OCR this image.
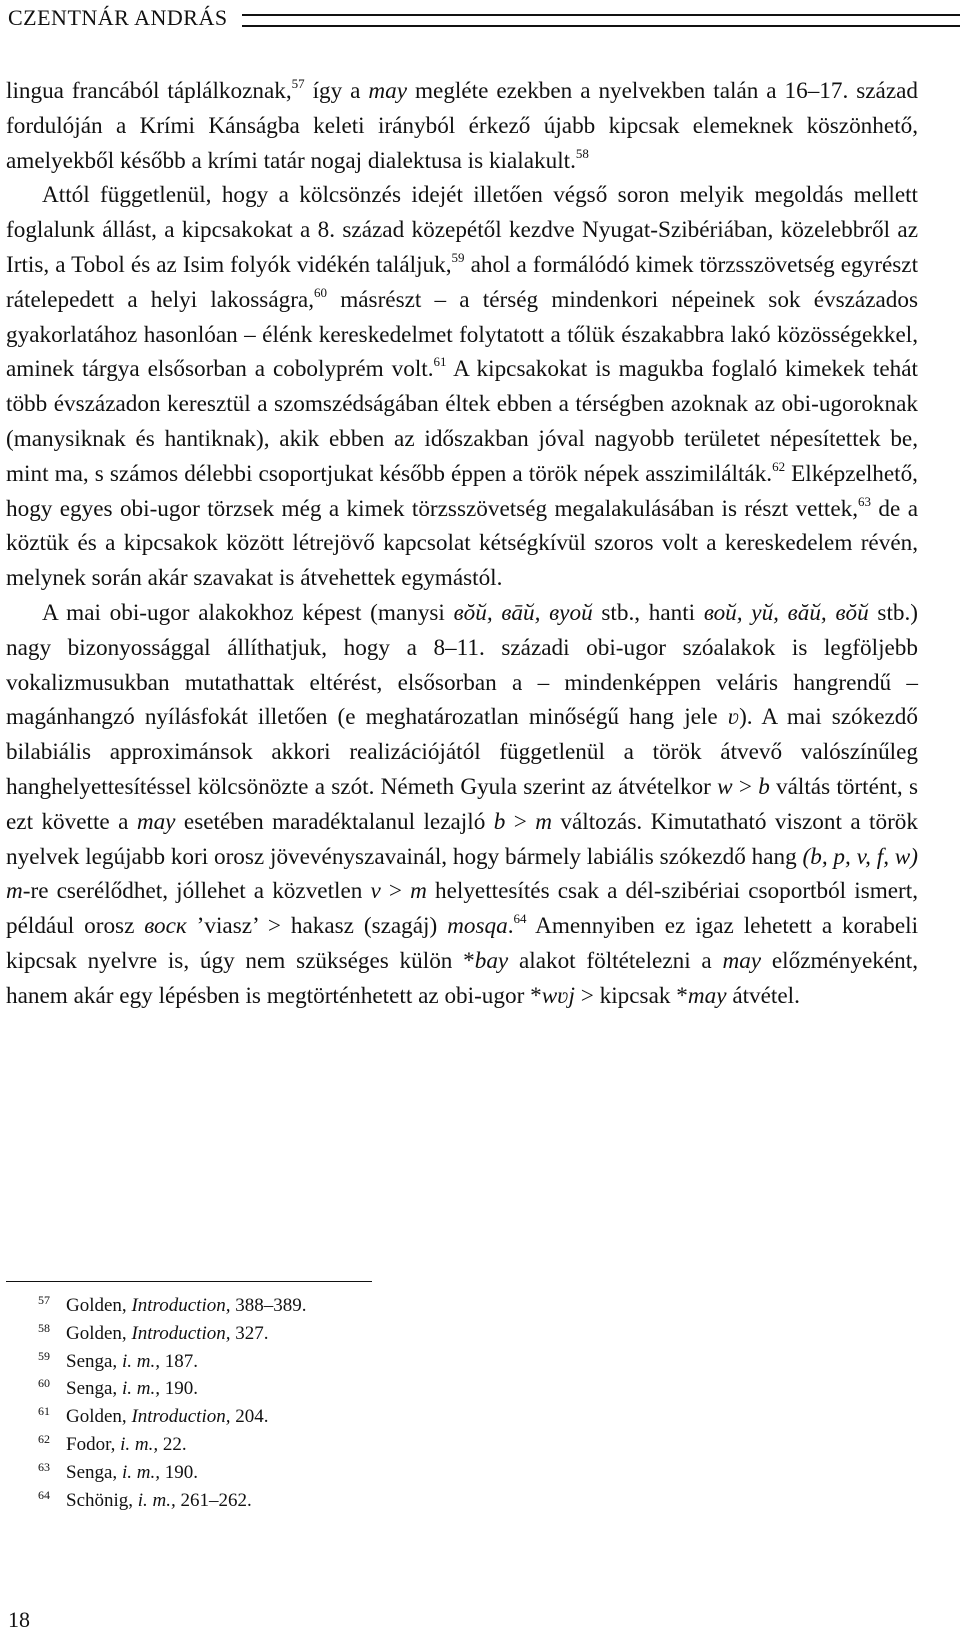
CZENTNÁR ANDRÁS

lingua francából táplálkoznak,$^{57}$ így a may megléte ezekben a nyelvekben talán a 16–17. század fordulóján a Krími Kánságba keleti irányból érkező újabb kipcsak elemeknek köszönhető, amelyekből később a krími tatár nogaj dialektusa is kialakult.$^{58}$

Attól függetlenül, hogy a kölcsönzés idejét illetően végső soron melyik megoldás mellett foglalunk állást, a kipcsakokat a 8. század közepétől kezdve Nyugat-Szibériában, közelebbről az Irtis, a Tobol és az Isim folyók vidékén találjuk,$^{59}$ ahol a formálódó kimek törzsszövetség egyrészt rátelepedett a helyi lakosságra,$^{60}$ másrészt – a térség mindenkori népeinek sok évszázados gyakorlatához hasonlóan – élénk kereskedelmet folytatott a tőlük északabbra lakó közösségekkel, aminek tárgya elsősorban a cobolyprém volt.$^{61}$ A kipcsakokat is magukba foglaló kimekek tehát több évszázadon keresztül a szomszédságában éltek ebben a térségben azoknak az obi-ugoroknak (manysiknak és hantiknak), akik ebben az időszakban jóval nagyobb területet népesítettek be, mint ma, s számos délebbi csoportjukat később éppen a török népek asszimilálták.$^{62}$ Elképzelhető, hogy egyes obi-ugor törzsek még a kimek törzsszövetség megalakulásában is részt vettek,$^{63}$ de a köztük és a kipcsakok között létrejövő kapcsolat kétségkívül szoros volt a kereskedelem révén, melynek során akár szavakat is átvehettek egymástól.

A mai obi-ugor alakokhoz képest (manysi вŏй, вāй, вуой stb., hanti вой, уй, вăй, вŏй stb.) nagy bizonyossággal állíthatjuk, hogy a 8–11. századi obi-ugor szóalakok is legföljebb vokalizmusukban mutathattak eltérést, elsősorban a – mindenképpen veláris hangrendű – magánhangzó nyílásfokát illetően (e meghatározatlan minőségű hang jele ʋ). A mai szókezdő bilabiális approximánsok akkori realizációjától függetlenül a török átvevő valószínűleg hanghelyettesítéssel kölcsönözte a szót. Németh Gyula szerint az átvételkor w > b váltás történt, s ezt követte a may esetében maradéktalanul lezajló b > m változás. Kimutatható viszont a török nyelvek legújabb kori orosz jövevényszavainál, hogy bármely labiális szókezdő hang (b, p, v, f, w) m-re cserélődhet, jóllehet a közvetlen v > m helyettesítés csak a dél-szibériai csoportból ismert, például orosz воск ’viasz’ > hakasz (szagáj) mosqa.$^{64}$ Amennyiben ez igaz lehetett a korabeli kipcsak nyelvre is, úgy nem szükséges külön *bay alakot föltételezni a may előzményeként, hanem akár egy lépésben is megtörténhetett az obi-ugor *wʋj > kipcsak *may átvétel.

57 Golden, Introduction, 388–389.
58 Golden, Introduction, 327.
59 Senga, i. m., 187.
60 Senga, i. m., 190.
61 Golden, Introduction, 204.
62 Fodor, i. m., 22.
63 Senga, i. m., 190.
64 Schönig, i. m., 261–262.
18
